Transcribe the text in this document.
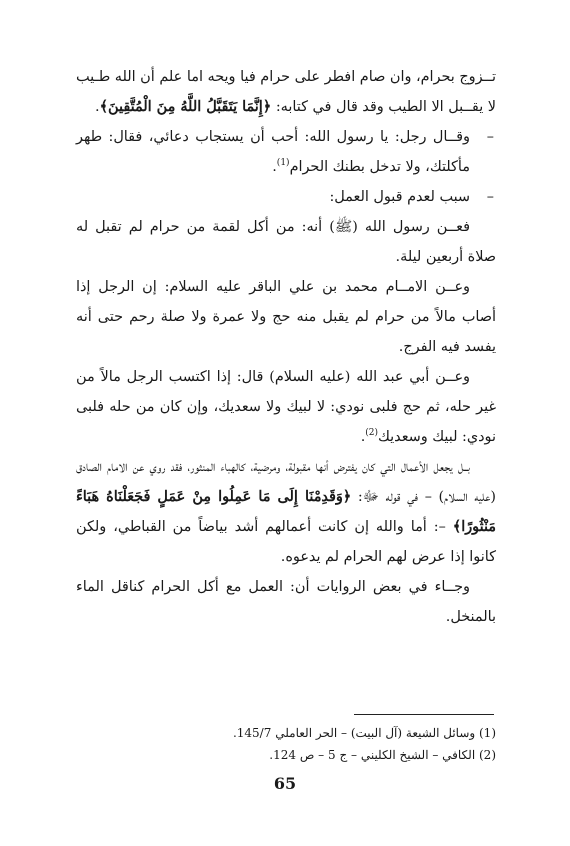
تــزوج بحرام، وان صام افطر على حرام فيا ويحه اما علم أن الله طـيب لا يقــبل الا الطيب وقد قال في كتابه: ﴿إِنَّمَا يَتَقَبَّلُ اللَّهُ مِنَ الْمُتَّقِينَ﴾.

–
وقــال رجل: يا رسول الله: أحب أن يستجاب دعائي، فقال: طهر مأكلتك، ولا تدخل بطنك الحرام$^{(1)}$.

–
سبب لعدم قبول العمل:

فعــن رسول الله (ﷺ) أنه: من أكل لقمة من حرام لم تقبل له صلاة أربعين ليلة.

وعــن الامــام محمد بن علي الباقر عليه السلام: إن الرجل إذا أصاب مالاً من حرام لم يقبل منه حج ولا عمرة ولا صلة رحم حتى أنه يفسد فيه الفرج.

وعــن أبي عبد الله (عليه السلام) قال: إذا اكتسب الرجل مالاً من غير حله، ثم حج فلبى نودي: لا لبيك ولا سعديك، وإن كان من حله فلبى نودي: لبيك وسعديك$^{(2)}$.

بــل يجعل الأعمال التي كان يفترض أنها مقبولة، ومرضية، كالهباء المنثور، فقد روي عن الامام الصادق (عليه السلام) – في قوله ﷻ: ﴿وَقَدِمْنَا إِلَى مَا عَمِلُوا مِنْ عَمَلٍ فَجَعَلْنَاهُ هَبَاءً مَنْثُورًا﴾ –: أما والله إن كانت أعمالهم أشد بياضاً من القباطي، ولكن كانوا إذا عرض لهم الحرام لم يدعوه.

وجــاء في بعض الروايات أن: العمل مع أكل الحرام كناقل الماء بالمنخل.

(1) وسائل الشيعة (آل البيت) – الحر العاملي 145/7.

(2) الكافي – الشيخ الكليني – ج 5 – ص 124.

65
